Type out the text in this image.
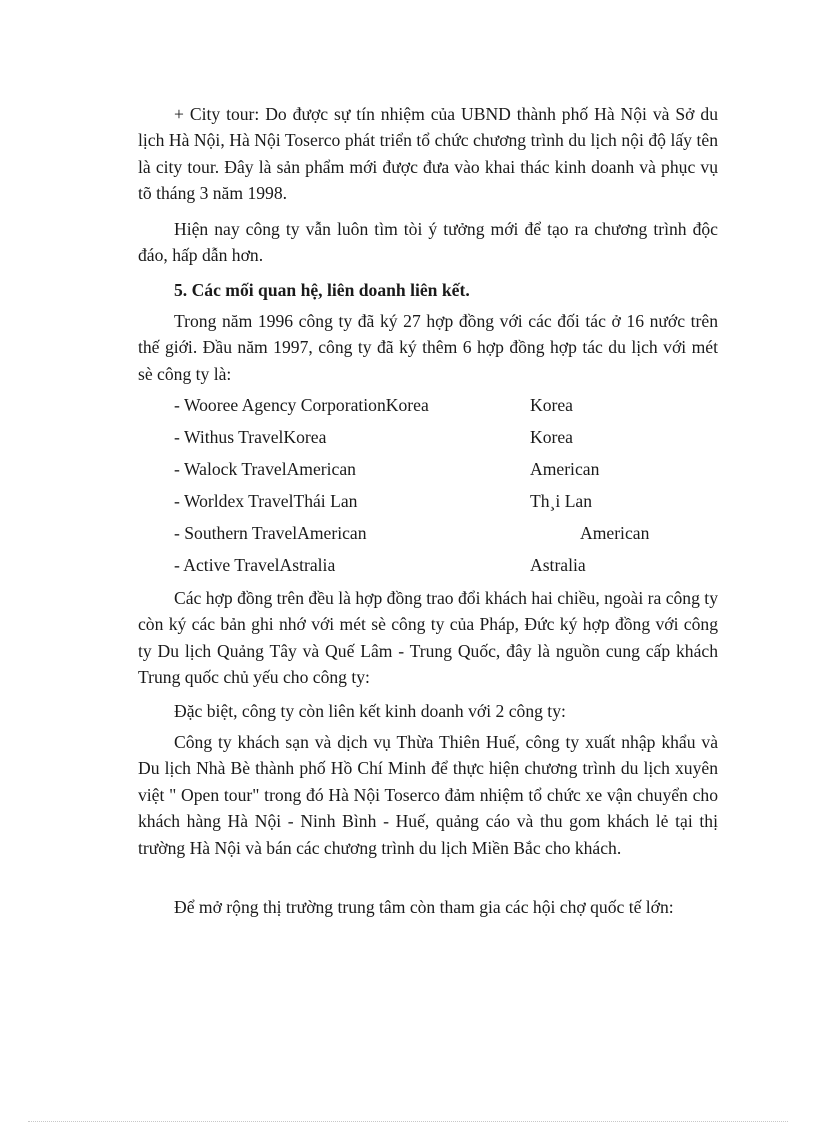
+ City tour: Do được sự tín nhiệm của UBND thành phố Hà Nội và Sở du lịch Hà Nội, Hà Nội Toserco phát triển tổ chức chương trình du lịch nội độ lấy tên là city tour. Đây là sản phẩm mới được đưa vào khai thác kinh doanh và phục vụ tõ tháng 3 năm 1998.

Hiện nay công ty vẫn luôn tìm tòi ý tưởng mới để tạo ra chương trình độc đáo, hấp dẫn hơn.

5. Các mối quan hệ, liên doanh liên kết.

Trong năm 1996 công ty đã ký 27 hợp đồng với các đối tác ở 16 nước trên thế giới. Đầu năm 1997, công ty đã ký thêm 6 hợp đồng hợp tác du lịch với mét sè công ty là:

- Wooree Agency CorporationKorea	Korea
- Withus TravelKorea	Korea
- Walock TravelAmerican	American
- Worldex TravelThái Lan	Th¸i Lan
- Southern TravelAmerican	American
- Active TravelAstralia	Astralia

Các hợp đồng trên đều là hợp đồng trao đổi khách hai chiều, ngoài ra công ty còn ký các bản ghi nhớ với mét sè công ty của Pháp, Đức ký hợp đồng với công ty Du lịch Quảng Tây và Quế Lâm - Trung Quốc, đây là nguồn cung cấp khách Trung quốc chủ yếu cho công ty:

Đặc biệt, công ty còn liên kết kinh doanh với 2 công ty:

Công ty khách sạn và dịch vụ Thừa Thiên Huế, công ty xuất nhập khẩu và Du lịch Nhà Bè thành phố Hồ Chí Minh để thực hiện chương trình du lịch xuyên việt " Open tour" trong đó Hà Nội Toserco đảm nhiệm tổ chức xe vận chuyển cho khách hàng Hà Nội - Ninh Bình - Huế, quảng cáo và thu gom khách lẻ tại thị trường Hà Nội và bán các chương trình du lịch Miền Bắc cho khách.

Để mở rộng thị trường trung tâm còn tham gia các hội chợ quốc tế lớn:
